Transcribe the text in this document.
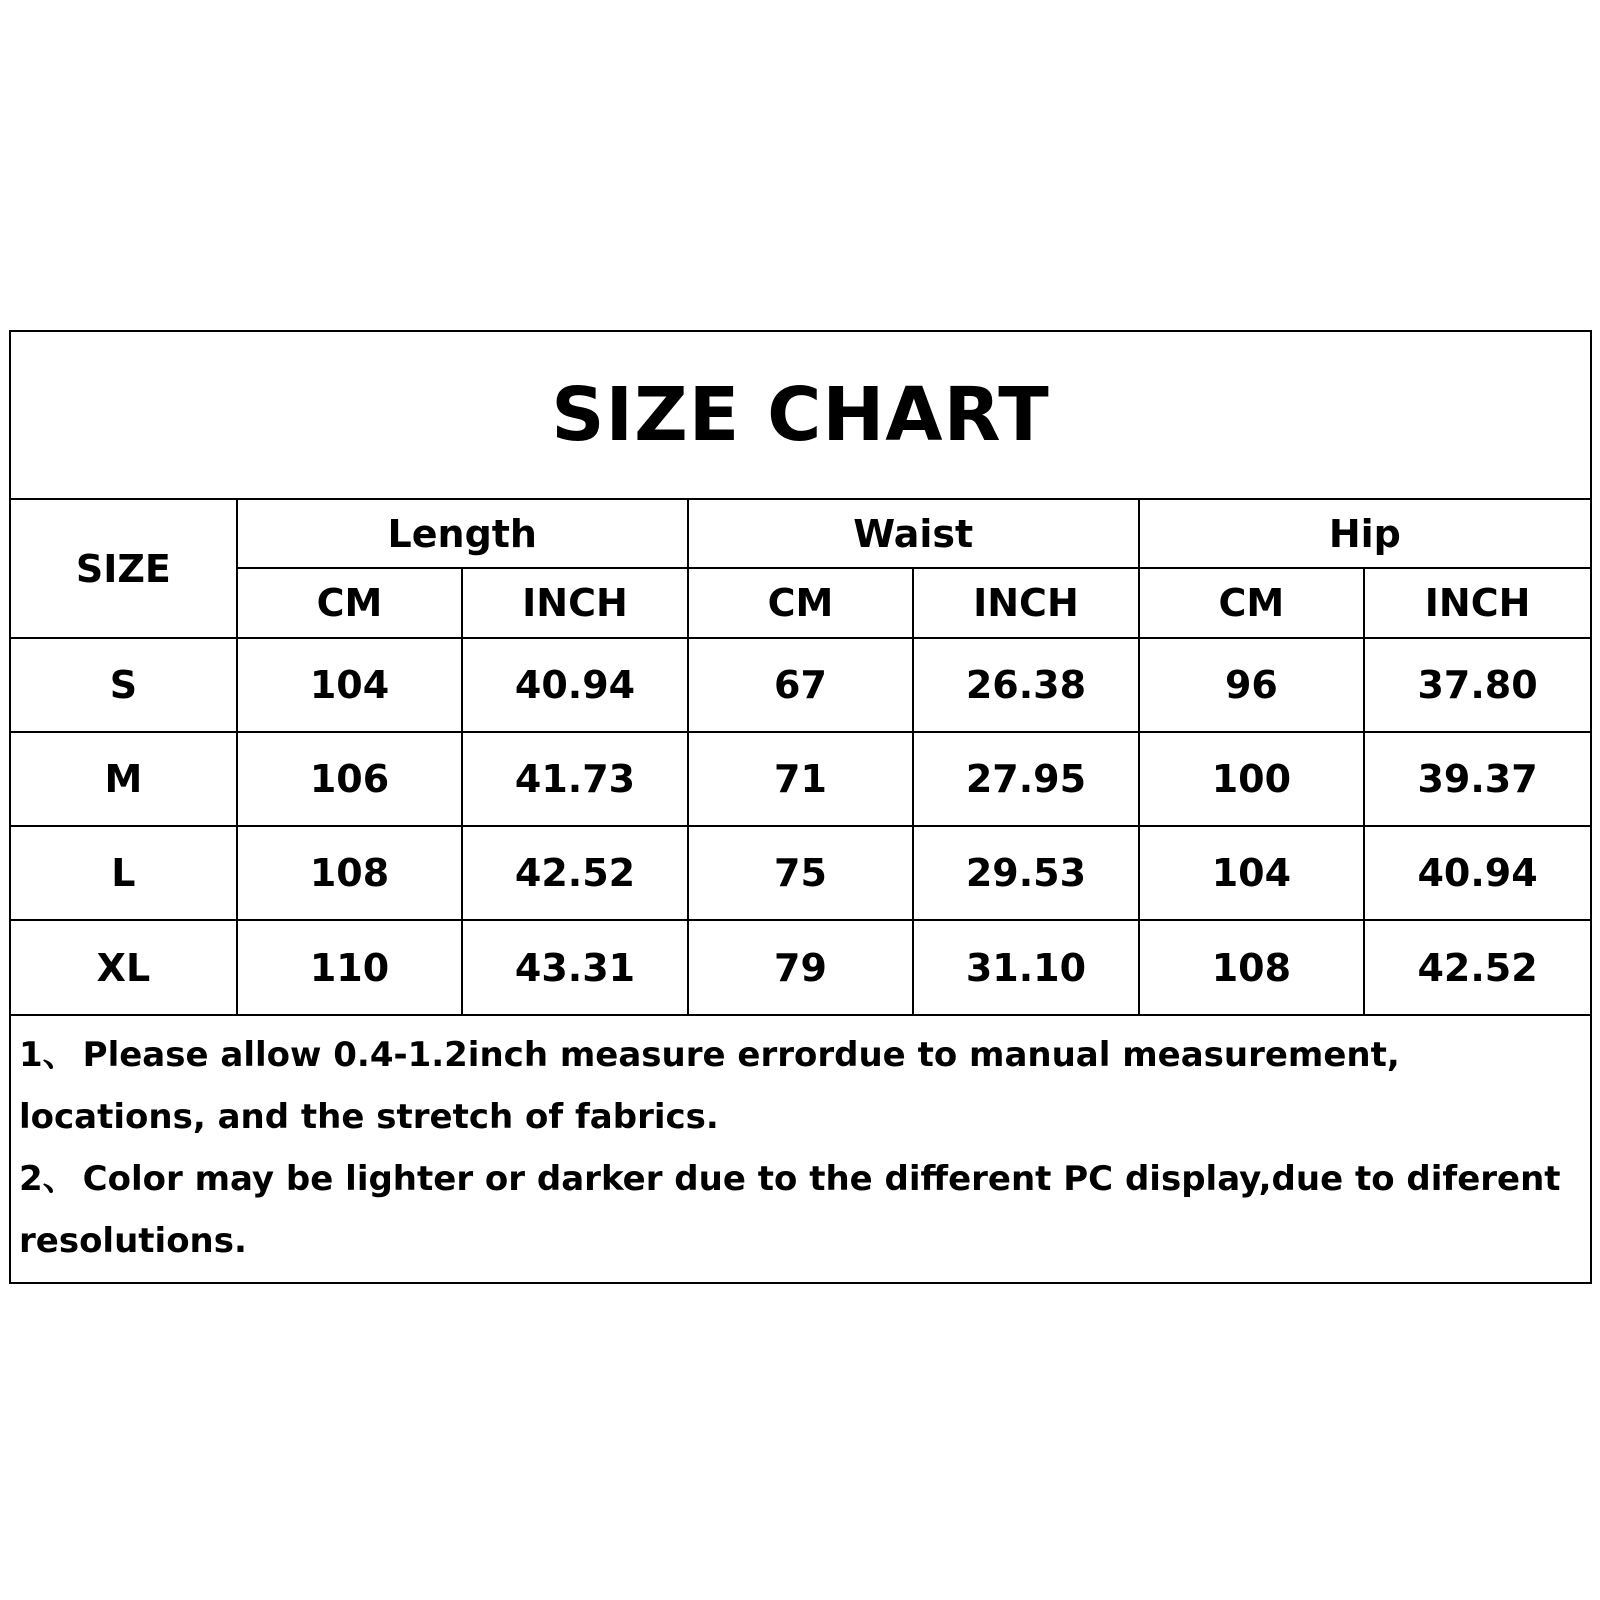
SIZE CHART
SIZE	Length		Waist		Hip	
	CM	INCH	CM	INCH	CM	INCH
S	104	40.94	67	26.38	96	37.80
M	106	41.73	71	27.95	100	39.37
L	108	42.52	75	29.53	104	40.94
XL	110	43.31	79	31.10	108	42.52

1、 Please allow 0.4-1.2inch measure errordue to manual measurement, locations, and the stretch of fabrics.

2、 Color may be lighter or darker due to the different PC display,due to diferent resolutions.
